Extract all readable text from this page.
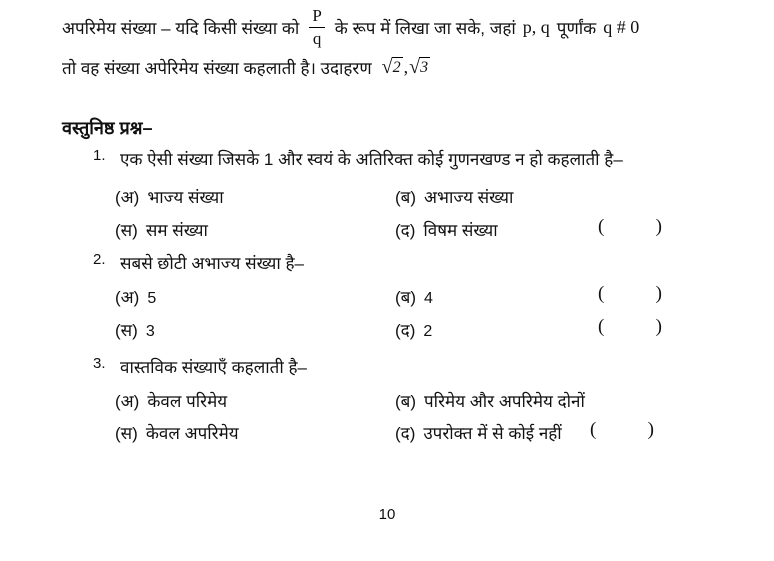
अपरिमेय संख्या – यदि किसी संख्या को $\frac{P}{q}$ के रूप में लिखा जा सके, जहां p, q पूर्णांक q # 0
तो वह संख्या अपेरिमेय संख्या कहलाती है। उदाहरण √ 2 , √ 3
वस्तुनिष्ठ प्रश्न–
1. एक ऐसी संख्या जिसके 1 और स्वयं के अतिरिक्त कोई गुणनखण्ड न हो कहलाती है–
(अ) भाज्य संख्या	(ब) अभाज्य संख्या
(स) सम संख्या	(द) विषम संख्या	(	)
2. सबसे छोटी अभाज्य संख्या है–
(अ) 5	(ब) 4	(	)
(स) 3	(द) 2	(	)
3. वास्तविक संख्याएँ कहलाती है–
(अ) केवल परिमेय	(ब) परिमेय और अपरिमेय दोनों
(स) केवल अपरिमेय	(द) उपरोक्त में से कोई नहीं (	)
10
